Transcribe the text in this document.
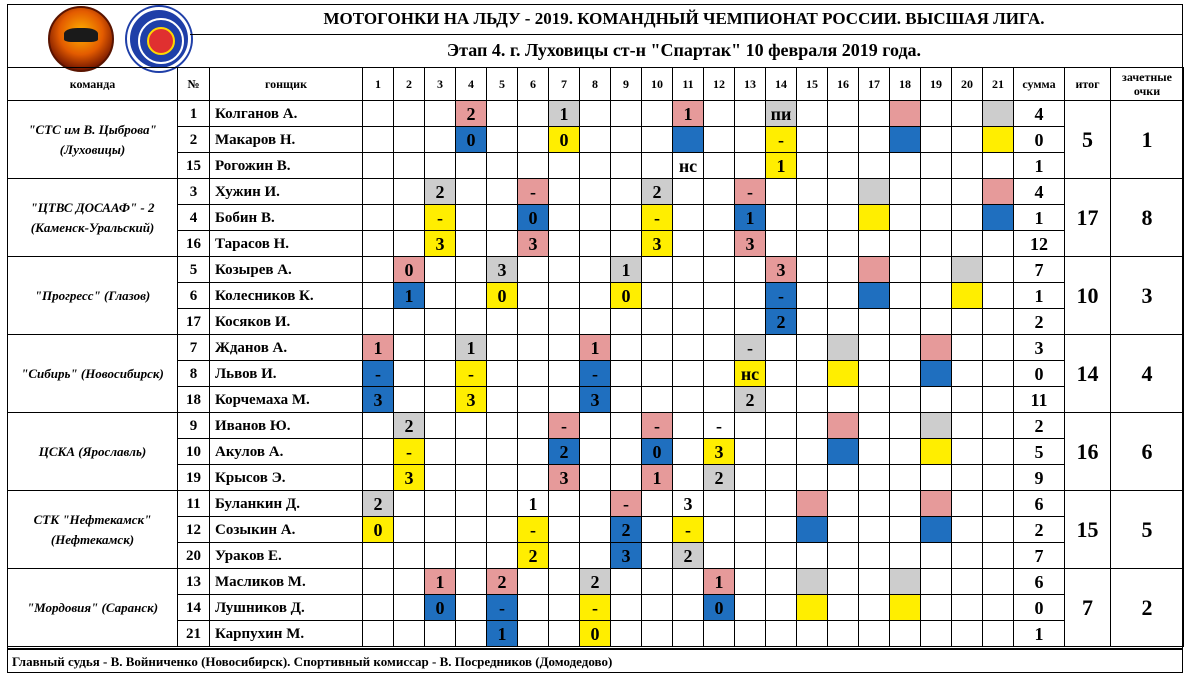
МОТОГОНКИ НА ЛЬДУ - 2019. КОМАНДНЫЙ ЧЕМПИОНАТ РОССИИ. ВЫСШАЯ ЛИГА.
Этап 4. г. Луховицы ст-н "Спартак" 10 февраля 2019 года.
команда	№	гонщик	1	2	3	4	5	6	7	8	9	10	11	12	13	14	15	16	17	18	19	20	21	сумма	итог	зачетные очки
"СТС им В. Цыброва" (Луховицы)	1	Колганов А.				2			1				1			пи								4	5	1
	2	Макаров Н.				0			0							-								0		
	15	Рогожин В.											нс			1								1		
"ЦТВС ДОСААФ" - 2 (Каменск-Уральский)	3	Хужин И.			2			-				2			-									4	17	8
	4	Бобин В.			-			0				-			1									1		
	16	Тарасов Н.			3			3				3			3									12		
"Прогресс" (Глазов)	5	Козырев А.		0			3				1					3								7	10	3
	6	Колесников К.		1			0				0					-								1		
	17	Косяков И.														2								2		
"Сибирь" (Новосибирск)	7	Жданов А.	1			1				1					-									3	14	4
	8	Львов И.	-			-				-					нс									0		
	18	Корчемаха М.	3			3				3					2									11		
ЦСКА (Ярославль)	9	Иванов Ю.		2					-			-		-										2	16	6
	10	Акулов А.		-					2			0		3										5		
	19	Крысов Э.		3					3			1		2										9		
СТК "Нефтекамск" (Нефтекамск)	11	Буланкин Д.	2					1			-		3											6	15	5
	12	Созыкин А.	0					-			2		-											2		
	20	Ураков Е.						2			3		2											7		
"Мордовия" (Саранск)	13	Масликов М.			1		2			2				1										6	7	2
	14	Лушников Д.			0		-			-				0										0		
	21	Карпухин М.					1			0														1		
Главный судья - В. Войниченко (Новосибирск). Спортивный комиссар - В. Посредников (Домодедово)
